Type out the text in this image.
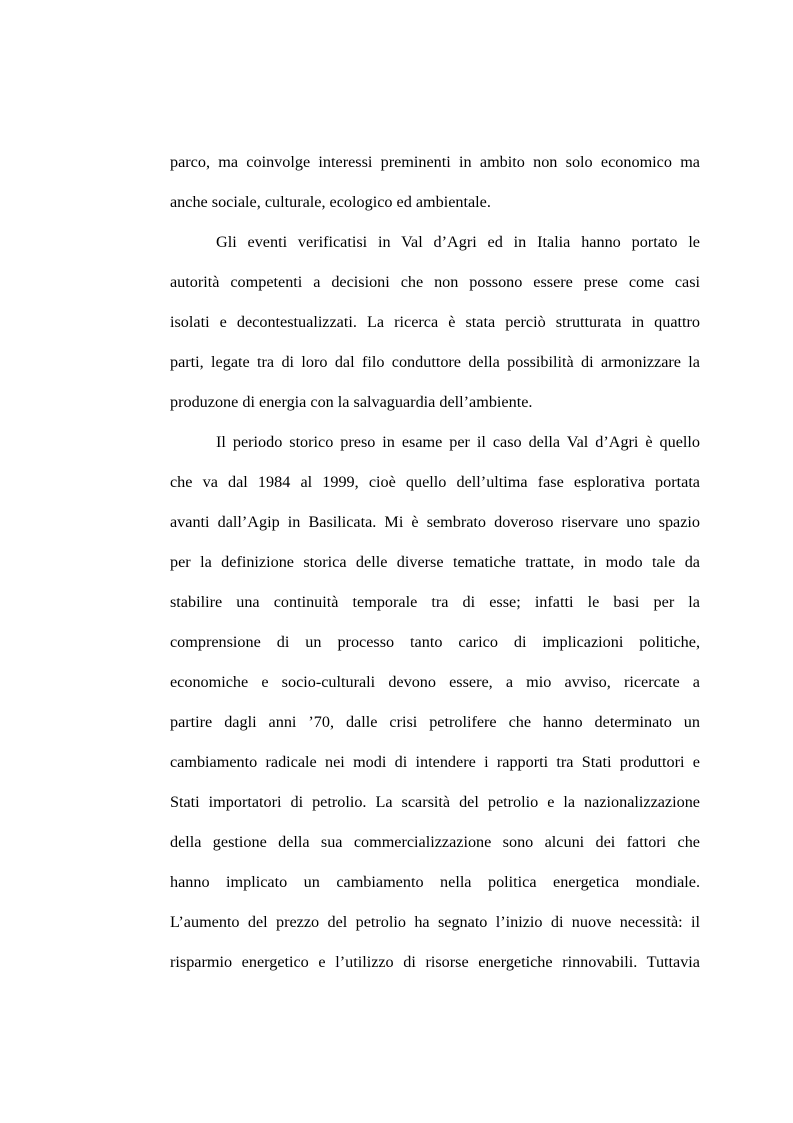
parco, ma coinvolge interessi preminenti in ambito non solo economico ma
anche sociale, culturale, ecologico ed ambientale.
Gli eventi verificatisi in Val d’Agri ed in Italia hanno portato le
autorità competenti a decisioni che non possono essere prese come casi
isolati e decontestualizzati. La ricerca è stata perciò strutturata in quattro
parti, legate tra di loro dal filo conduttore della possibilità di armonizzare la
produzone di energia con la salvaguardia dell’ambiente.
Il periodo storico preso in esame per il caso della Val d’Agri è quello
che va dal 1984 al 1999, cioè quello dell’ultima fase esplorativa portata
avanti dall’Agip in Basilicata. Mi è sembrato doveroso riservare uno spazio
per la definizione storica delle diverse tematiche trattate, in modo tale da
stabilire una continuità temporale tra di esse; infatti le basi per la
comprensione di un processo tanto carico di implicazioni politiche,
economiche e socio-culturali devono essere, a mio avviso, ricercate a
partire dagli anni ’70, dalle crisi petrolifere che hanno determinato un
cambiamento radicale nei modi di intendere i rapporti tra Stati produttori e
Stati importatori di petrolio. La scarsità del petrolio e la nazionalizzazione
della gestione della sua commercializzazione sono alcuni dei fattori che
hanno implicato un cambiamento nella politica energetica mondiale.
L’aumento del prezzo del petrolio ha segnato l’inizio di nuove necessità: il
risparmio energetico e l’utilizzo di risorse energetiche rinnovabili. Tuttavia
